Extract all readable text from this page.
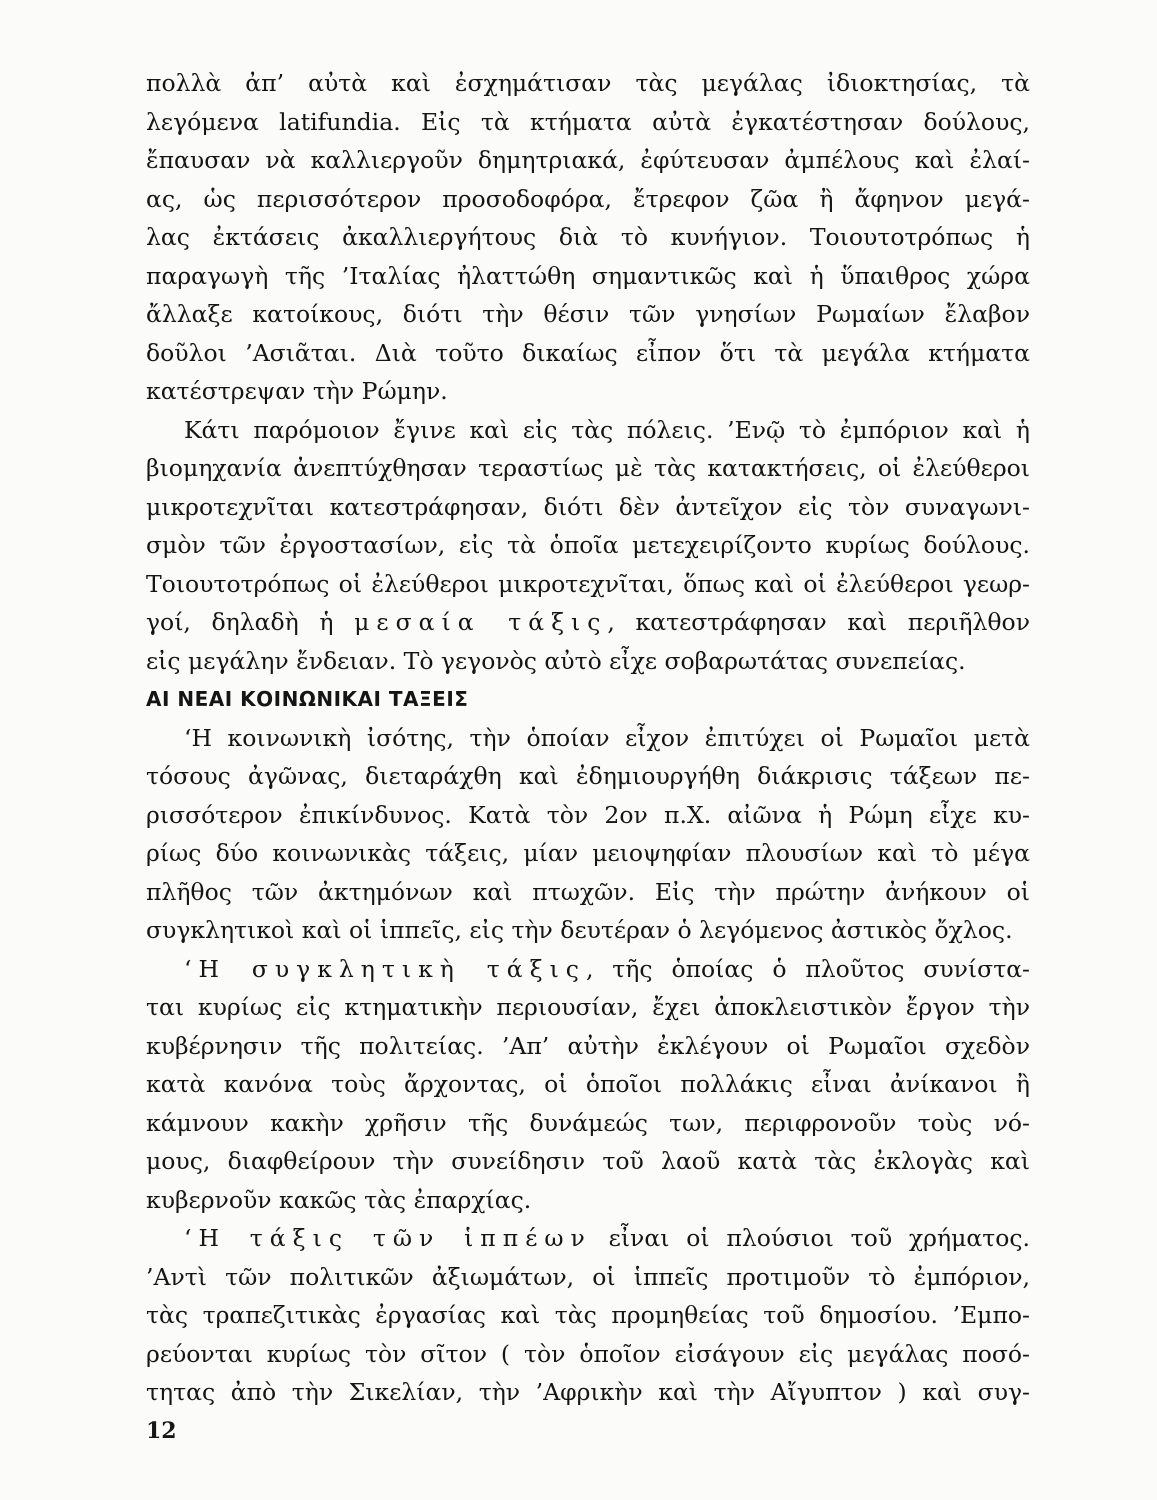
πολλὰ ἀπ’ αὐτὰ καὶ ἐσχημάτισαν τὰς μεγάλας ἰδιοκτησίας, τὰ
λεγόμενα latifundia. Εἰς τὰ κτήματα αὐτὰ ἐγκατέστησαν δούλους,
ἔπαυσαν νὰ καλλιεργοῦν δημητριακά, ἐφύτευσαν ἀμπέλους καὶ ἐλαί-
ας, ὡς περισσότερον προσοδοφόρα, ἔτρεφον ζῶα ἢ ἄφηνον μεγά-
λας ἐκτάσεις ἀκαλλιεργήτους διὰ τὸ κυνήγιον. Τοιουτοτρόπως ἡ
παραγωγὴ τῆς ’Ιταλίας ἠλαττώθη σημαντικῶς καὶ ἡ ὕπαιθρος χώρα
ἄλλαξε κατοίκους, διότι τὴν θέσιν τῶν γνησίων Ρωμαίων ἔλαβον
δοῦλοι ’Ασιᾶται. Διὰ τοῦτο δικαίως εἶπον ὅτι τὰ μεγάλα κτήματα
κατέστρεψαν τὴν Ρώμην.

Κάτι παρόμοιον ἔγινε καὶ εἰς τὰς πόλεις. ’Ενῷ τὸ ἐμπόριον καὶ ἡ
βιομηχανία ἀνεπτύχθησαν τεραστίως μὲ τὰς κατακτήσεις, οἱ ἐλεύθεροι
μικροτεχνῖται κατεστράφησαν, διότι δὲν ἀντεῖχον εἰς τὸν συναγωνι-
σμὸν τῶν ἐργοστασίων, εἰς τὰ ὁποῖα μετεχειρίζοντο κυρίως δούλους.
Τοιουτοτρόπως οἱ ἐλεύθεροι μικροτεχνῖται, ὅπως καὶ οἱ ἐλεύθεροι γεωρ-
γοί, δηλαδὴ ἡ μεσαία τάξις, κατεστράφησαν καὶ περιῆλθον
εἰς μεγάλην ἔνδειαν. Τὸ γεγονὸς αὐτὸ εἶχε σοβαρωτάτας συνεπείας.

ΑΙ ΝΕΑΙ ΚΟΙΝΩΝΙΚΑΙ ΤΑΞΕΙΣ

‘Η κοινωνικὴ ἰσότης, τὴν ὁποίαν εἶχον ἐπιτύχει οἱ Ρωμαῖοι μετὰ
τόσους ἀγῶνας, διεταράχθη καὶ ἐδημιουργήθη διάκρισις τάξεων πε-
ρισσότερον ἐπικίνδυνος. Κατὰ τὸν 2ον π.Χ. αἰῶνα ἡ Ρώμη εἶχε κυ-
ρίως δύο κοινωνικὰς τάξεις, μίαν μειοψηφίαν πλουσίων καὶ τὸ μέγα
πλῆθος τῶν ἀκτημόνων καὶ πτωχῶν. Εἰς τὴν πρώτην ἀνήκουν οἱ
συγκλητικοὶ καὶ οἱ ἱππεῖς, εἰς τὴν δευτέραν ὁ λεγόμενος ἀστικὸς ὄχλος.

‘Η συγκλητικὴ τάξις, τῆς ὁποίας ὁ πλοῦτος συνίστα-
ται κυρίως εἰς κτηματικὴν περιουσίαν, ἔχει ἀποκλειστικὸν ἔργον τὴν
κυβέρνησιν τῆς πολιτείας. ’Απ’ αὐτὴν ἐκλέγουν οἱ Ρωμαῖοι σχεδὸν
κατὰ κανόνα τοὺς ἄρχοντας, οἱ ὁποῖοι πολλάκις εἶναι ἀνίκανοι ἢ
κάμνουν κακὴν χρῆσιν τῆς δυνάμεώς των, περιφρονοῦν τοὺς νό-
μους, διαφθείρουν τὴν συνείδησιν τοῦ λαοῦ κατὰ τὰς ἐκλογὰς καὶ
κυβερνοῦν κακῶς τὰς ἐπαρχίας.

‘Η τάξις τῶν ἱππέων εἶναι οἱ πλούσιοι τοῦ χρήματος.
’Αντὶ τῶν πολιτικῶν ἀξιωμάτων, οἱ ἱππεῖς προτιμοῦν τὸ ἐμπόριον,
τὰς τραπεζιτικὰς ἐργασίας καὶ τὰς προμηθείας τοῦ δημοσίου. ’Εμπο-
ρεύονται κυρίως τὸν σῖτον ( τὸν ὁποῖον εἰσάγουν εἰς μεγάλας ποσό-
τητας ἀπὸ τὴν Σικελίαν, τὴν ’Αφρικὴν καὶ τὴν Αἴγυπτον ) καὶ συγ-

12
